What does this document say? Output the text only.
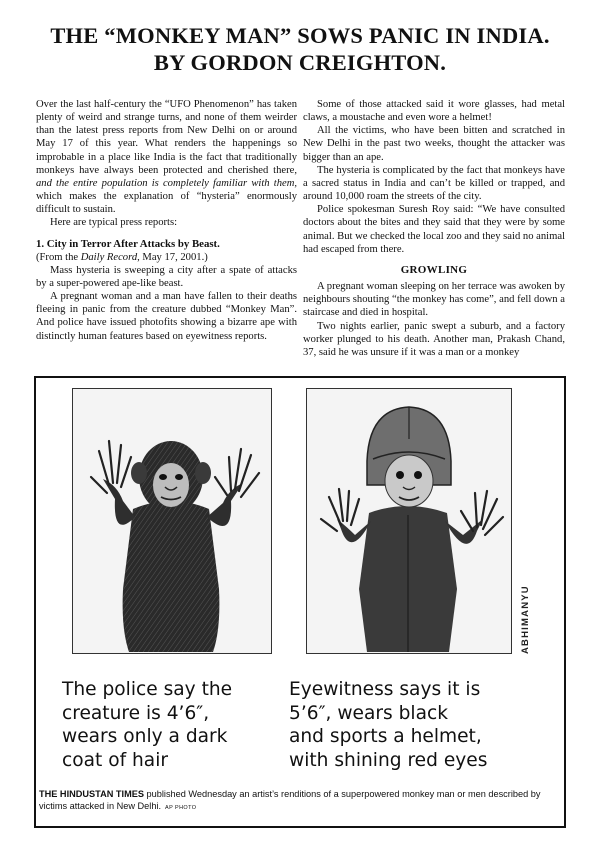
THE “MONKEY MAN” SOWS PANIC IN INDIA.
BY GORDON CREIGHTON.

Over the last half-century the “UFO Phenomenon” has taken plenty of weird and strange turns, and none of them weirder than the latest press reports from New Delhi on or around May 17 of this year. What renders the happenings so improbable in a place like India is the fact that traditionally monkeys have always been protected and cherished there, and the entire population is completely familiar with them, which makes the explanation of “hysteria” enormously difficult to sustain.

Here are typical press reports:

1. City in Terror After Attacks by Beast.

(From the Daily Record, May 17, 2001.)

Mass hysteria is sweeping a city after a spate of attacks by a super-powered ape-like beast.

A pregnant woman and a man have fallen to their deaths fleeing in panic from the creature dubbed “Monkey Man”. And police have issued photofits showing a bizarre ape with distinctly human features based on eyewitness reports.

Some of those attacked said it wore glasses, had metal claws, a moustache and even wore a helmet!

All the victims, who have been bitten and scratched in New Delhi in the past two weeks, thought the attacker was bigger than an ape.

The hysteria is complicated by the fact that monkeys have a sacred status in India and can’t be killed or trapped, and around 10,000 roam the streets of the city.

Police spokesman Suresh Roy said: “We have consulted doctors about the bites and they said that they were by some animal. But we checked the local zoo and they said no animal had escaped from there.

GROWLING

A pregnant woman sleeping on her terrace was awoken by neighbours shouting “the monkey has come”, and fell down a staircase and died in hospital.

Two nights earlier, panic swept a suburb, and a factory worker plunged to his death. Another man, Prakash Chand, 37, said he was unsure if it was a man or a monkey

ABHIMANYU
The police say the
creature is 4’6″,
wears only a dark
coat of hair
Eyewitness says it is
5’6″, wears black
and sports a helmet,
with shining red eyes

THE HINDUSTAN TIMES published Wednesday an artist’s renditions of a superpowered monkey man or men described by victims attacked in New Delhi. AP PHOTO
